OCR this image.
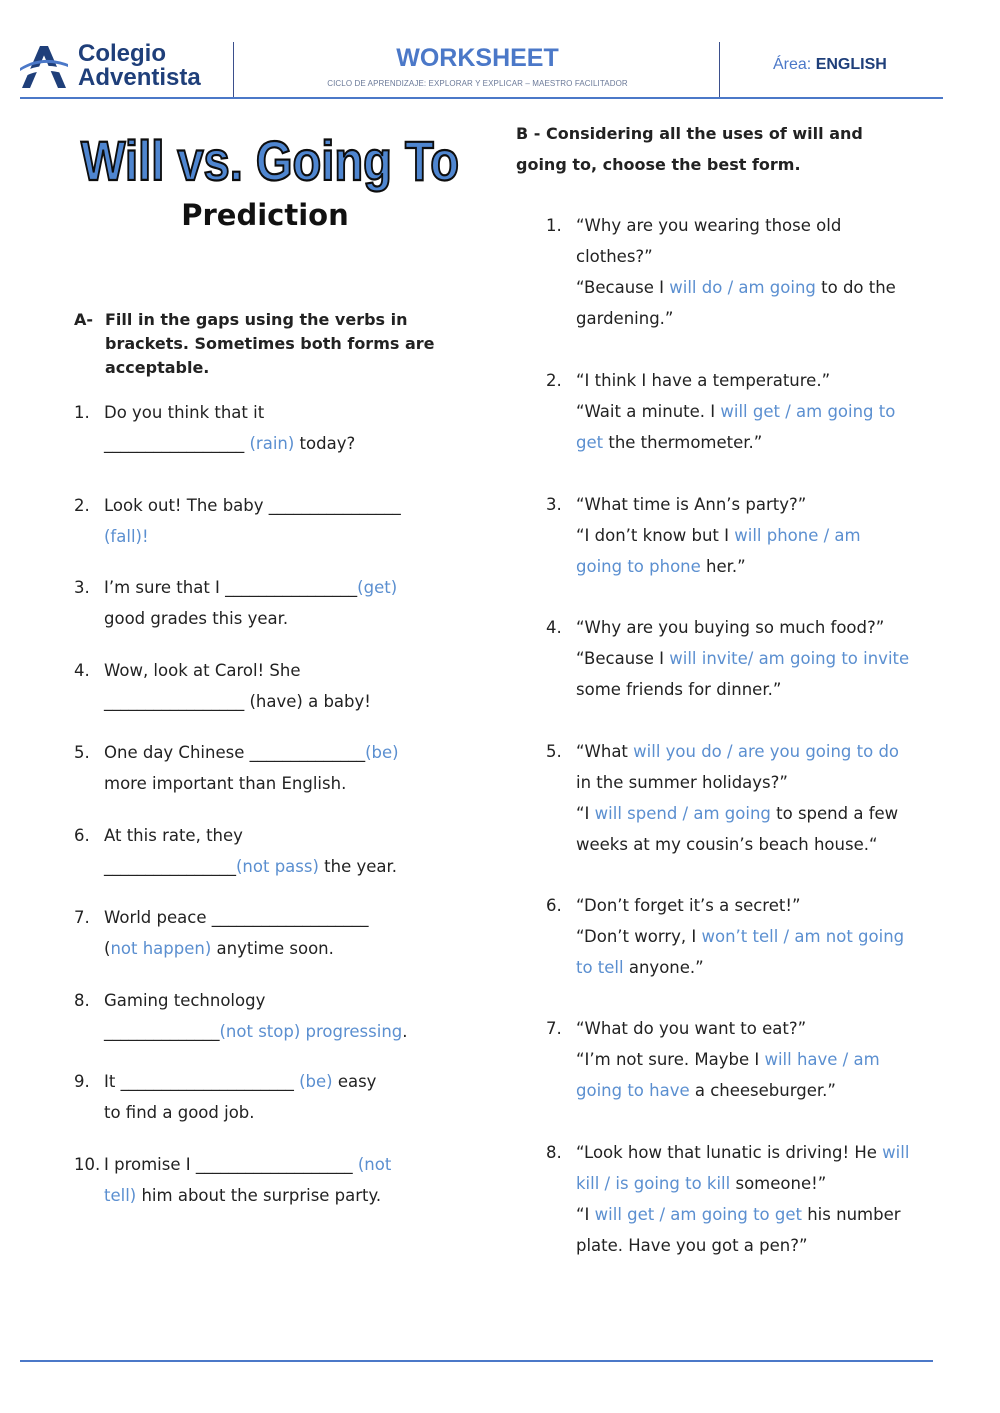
Colegio
Adventista
WORKSHEET
CICLO DE APRENDIZAJE: EXPLORAR Y EXPLICAR – MAESTRO FACILITADOR
Área: ENGLISH
Will vs. Going To
Prediction
A- Fill in the gaps using the verbs in brackets. Sometimes both forms are acceptable.
1. Do you think that it
_________________ (rain) today?
2. Look out! The baby ________________
(fall)!
3. I’m sure that I ________________(get)
good grades this year.
4. Wow, look at Carol! She
_________________ (have) a baby!
5. One day Chinese ______________(be)
more important than English.
6. At this rate, they
________________(not pass) the year.
7. World peace ___________________
(not happen) anytime soon.
8. Gaming technology
______________(not stop) progressing.
9. It _____________________ (be) easy
to find a good job.
10. I promise I ___________________ (not
tell) him about the surprise party.
B - Considering all the uses of will and
going to, choose the best form.
1. “Why are you wearing those old
clothes?”
“Because I will do / am going to do the
gardening.”
2. “I think I have a temperature.”
“Wait a minute. I will get / am going to
get the thermometer.”
3. “What time is Ann’s party?”
“I don’t know but I will phone / am
going to phone her.”
4. “Why are you buying so much food?”
“Because I will invite/ am going to invite
some friends for dinner.”
5. “What will you do / are you going to do
in the summer holidays?”
“I will spend / am going to spend a few
weeks at my cousin’s beach house.“
6. “Don’t forget it’s a secret!”
“Don’t worry, I won’t tell / am not going
to tell anyone.”
7. “What do you want to eat?”
“I’m not sure. Maybe I will have / am
going to have a cheeseburger.”
8. “Look how that lunatic is driving! He will
kill / is going to kill someone!”
“I will get / am going to get his number
plate. Have you got a pen?”
